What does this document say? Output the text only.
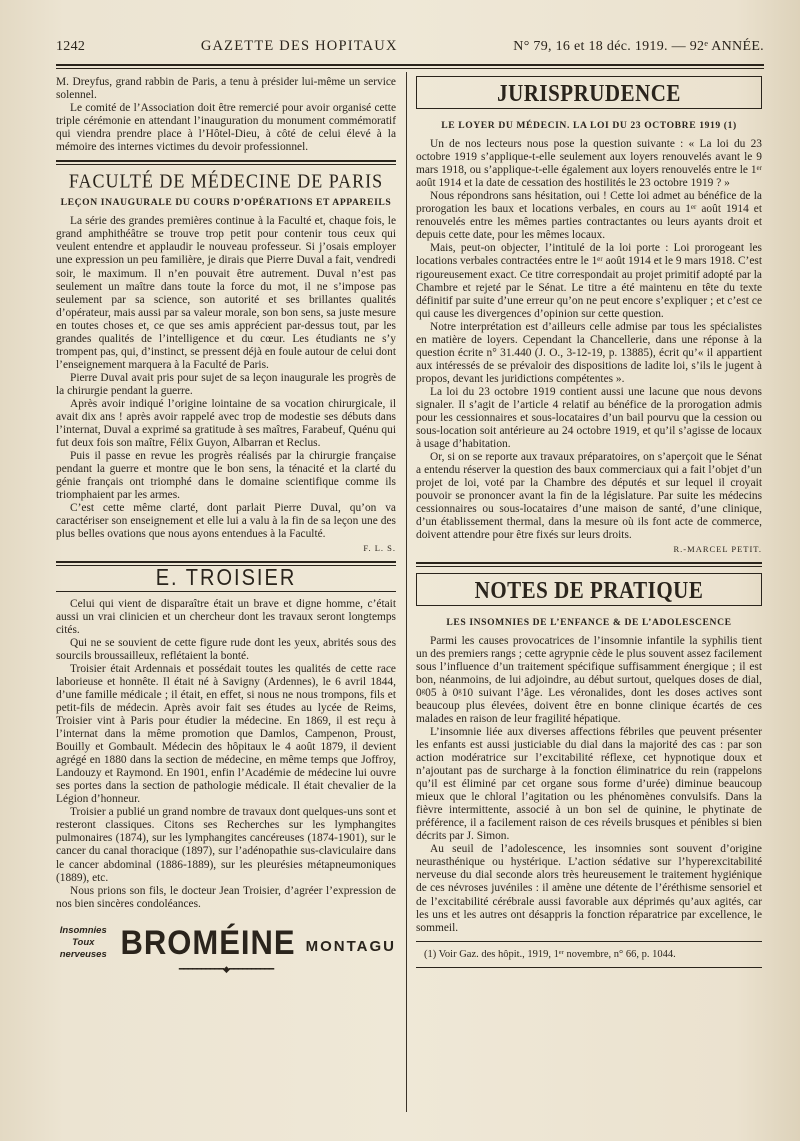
1242	GAZETTE DES HOPITAUX	N° 79, 16 et 18 déc. 1919. — 92ᵉ ANNÉE.

M. Dreyfus, grand rabbin de Paris, a tenu à présider lui-même un service solennel.

Le comité de l’Association doit être remercié pour avoir organisé cette triple cérémonie en attendant l’inauguration du monument commémoratif qui viendra prendre place à l’Hôtel-Dieu, à côté de celui élevé à la mémoire des internes victimes du devoir professionnel.

FACULTÉ DE MÉDECINE DE PARIS
LEÇON INAUGURALE DU COURS D’OPÉRATIONS ET APPAREILS

La série des grandes premières continue à la Faculté et, chaque fois, le grand amphithéâtre se trouve trop petit pour contenir tous ceux qui veulent entendre et applaudir le nouveau professeur. Si j’osais employer une expression un peu familière, je dirais que Pierre Duval a fait, vendredi soir, le maximum. Il n’en pouvait être autrement. Duval n’est pas seulement un maître dans toute la force du mot, il ne s’impose pas seulement par sa science, son autorité et ses brillantes qualités d’opérateur, mais aussi par sa valeur morale, son bon sens, sa juste mesure en toutes choses et, ce que ses amis apprécient par-dessus tout, par les grandes qualités de l’intelligence et du cœur. Les étudiants ne s’y trompent pas, qui, d’instinct, se pressent déjà en foule autour de celui dont l’enseignement marquera à la Faculté de Paris.

Pierre Duval avait pris pour sujet de sa leçon inaugurale les progrès de la chirurgie pendant la guerre.

Après avoir indiqué l’origine lointaine de sa vocation chirurgicale, il avait dix ans ! après avoir rappelé avec trop de modestie ses débuts dans l’internat, Duval a exprimé sa gratitude à ses maîtres, Farabeuf, Quénu qui fut deux fois son maître, Félix Guyon, Albarran et Reclus.

Puis il passe en revue les progrès réalisés par la chirurgie française pendant la guerre et montre que le bon sens, la ténacité et la clarté du génie français ont triomphé dans le domaine scientifique comme ils triomphaient par les armes.

C’est cette même clarté, dont parlait Pierre Duval, qu’on va caractériser son enseignement et elle lui a valu à la fin de sa leçon une des plus belles ovations que nous ayons entendues à la Faculté.

F. L. S.
E. TROISIER

Celui qui vient de disparaître était un brave et digne homme, c’était aussi un vrai clinicien et un chercheur dont les travaux seront longtemps cités.

Qui ne se souvient de cette figure rude dont les yeux, abrités sous des sourcils broussailleux, reflétaient la bonté.

Troisier était Ardennais et possédait toutes les qualités de cette race laborieuse et honnête. Il était né à Savigny (Ardennes), le 6 avril 1844, d’une famille médicale ; il était, en effet, si nous ne nous trompons, fils et petit-fils de médecin. Après avoir fait ses études au lycée de Reims, Troisier vint à Paris pour étudier la médecine. En 1869, il est reçu à l’internat dans la même promotion que Damlos, Campenon, Proust, Bouilly et Gombault. Médecin des hôpitaux le 4 août 1879, il devient agrégé en 1880 dans la section de médecine, en même temps que Joffroy, Landouzy et Raymond. En 1901, enfin l’Académie de médecine lui ouvre ses portes dans la section de pathologie médicale. Il était chevalier de la Légion d’honneur.

Troisier a publié un grand nombre de travaux dont quelques-uns sont et resteront classiques. Citons ses Recherches sur les lymphangites pulmonaires (1874), sur les lymphangites cancéreuses (1874-1901), sur le cancer du canal thoracique (1897), sur l’adénopathie sus-claviculaire dans le cancer abdominal (1886-1889), sur les pleurésies métapneumoniques (1889), etc.

Nous prions son fils, le docteur Jean Troisier, d’agréer l’expression de nos bien sincères condoléances.

Insomnies
Toux nerveuses BROMÉINE MONTAGU
━━━━━━━━━━◆━━━━━━━━━━
JURISPRUDENCE
LE LOYER DU MÉDECIN. LA LOI DU 23 OCTOBRE 1919 (1)

Un de nos lecteurs nous pose la question suivante : « La loi du 23 octobre 1919 s’applique-t-elle seulement aux loyers renouvelés avant le 9 mars 1918, ou s’applique-t-elle également aux loyers renouvelés entre le 1ᵉʳ août 1914 et la date de cessation des hostilités le 23 octobre 1919 ? »

Nous répondrons sans hésitation, oui ! Cette loi admet au bénéfice de la prorogation les baux et locations verbales, en cours au 1ᵉʳ août 1914 et renouvelés entre les mêmes parties contractantes ou leurs ayants droit et depuis cette date, pour les mêmes locaux.

Mais, peut-on objecter, l’intitulé de la loi porte : Loi prorogeant les locations verbales contractées entre le 1ᵉʳ août 1914 et le 9 mars 1918. C’est rigoureusement exact. Ce titre correspondait au projet primitif adopté par la Chambre et rejeté par le Sénat. Le titre a été maintenu en tête du texte définitif par suite d’une erreur qu’on ne peut encore s’expliquer ; et c’est ce qui cause les divergences d’opinion sur cette question.

Notre interprétation est d’ailleurs celle admise par tous les spécialistes en matière de loyers. Cependant la Chancellerie, dans une réponse à la question écrite n° 31.440 (J. O., 3-12-19, p. 13885), écrit qu’« il appartient aux intéressés de se prévaloir des dispositions de ladite loi, s’ils le jugent à propos, devant les juridictions compétentes ».

La loi du 23 octobre 1919 contient aussi une lacune que nous devons signaler. Il s’agit de l’article 4 relatif au bénéfice de la prorogation admis pour les cessionnaires et sous-locataires d’un bail pourvu que la cession ou sous-location soit antérieure au 24 octobre 1919, et qu’il s’agisse de locaux à usage d’habitation.

Or, si on se reporte aux travaux préparatoires, on s’aperçoit que le Sénat a entendu réserver la question des baux commerciaux qui a fait l’objet d’un projet de loi, voté par la Chambre des députés et sur lequel il croyait pouvoir se prononcer avant la fin de la législature. Par suite les médecins cessionnaires ou sous-locataires d’une maison de santé, d’une clinique, d’un établissement thermal, dans la mesure où ils font acte de commerce, doivent attendre pour être fixés sur leurs droits.

R.-MARCEL PETIT.
NOTES DE PRATIQUE
LES INSOMNIES DE L’ENFANCE & DE L’ADOLESCENCE

Parmi les causes provocatrices de l’insomnie infantile la syphilis tient un des premiers rangs ; cette agrypnie cède le plus souvent assez facilement sous l’influence d’un traitement spécifique suffisamment énergique ; il est bon, néanmoins, de lui adjoindre, au début surtout, quelques doses de dial, 0ᵍ05 à 0ᵍ10 suivant l’âge. Les véronalides, dont les doses actives sont beaucoup plus élevées, doivent être en bonne clinique écartés de ces malades en raison de leur fragilité hépatique.

L’insomnie liée aux diverses affections fébriles que peuvent présenter les enfants est aussi justiciable du dial dans la majorité des cas : par son action modératrice sur l’excitabilité réflexe, cet hypnotique doux et n’ajoutant pas de surcharge à la fonction éliminatrice du rein (rappelons qu’il est éliminé par cet organe sous forme d’urée) diminue beaucoup mieux que le chloral l’agitation ou les phénomènes convulsifs. Dans la fièvre intermittente, associé à un bon sel de quinine, le phytinate de préférence, il a facilement raison de ces réveils brusques et pénibles si bien décrits par J. Simon.

Au seuil de l’adolescence, les insomnies sont souvent d’origine neurasthénique ou hystérique. L’action sédative sur l’hyperexcitabilité nerveuse du dial seconde alors très heureusement le traitement hygiénique de ces névroses juvéniles : il amène une détente de l’éréthisme sensoriel et de l’excitabilité cérébrale aussi favorable aux déprimés qu’aux agités, car les uns et les autres ont désappris la fonction réparatrice par excellence, le sommeil.

(1) Voir Gaz. des hôpit., 1919, 1ᵉʳ novembre, n° 66, p. 1044.
